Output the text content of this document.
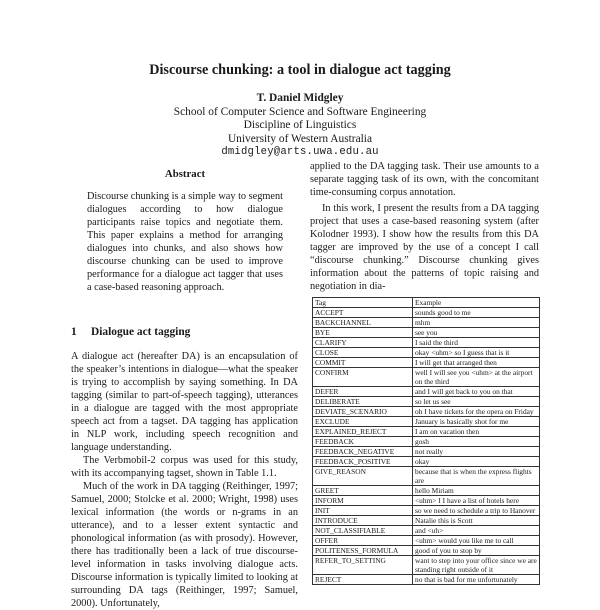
Discourse chunking: a tool in dialogue act tagging
T. Daniel Midgley
School of Computer Science and Software Engineering
Discipline of Linguistics
University of Western Australia
dmidgley@arts.uwa.edu.au

Abstract

Discourse chunking is a simple way to segment dialogues according to how dialogue participants raise topics and negotiate them. This paper explains a method for arranging dialogues into chunks, and also shows how discourse chunking can be used to improve performance for a dialogue act tagger that uses a case-based reasoning approach.

1 Dialogue act tagging

A dialogue act (hereafter DA) is an encapsulation of the speaker’s intentions in dialogue—what the speaker is trying to accomplish by saying something. In DA tagging (similar to part-of-speech tagging), utterances in a dialogue are tagged with the most appropriate speech act from a tagset. DA tagging has application in NLP work, including speech recognition and language understanding.

The Verbmobil-2 corpus was used for this study, with its accompanying tagset, shown in Table 1.1.

Much of the work in DA tagging (Reithinger, 1997; Samuel, 2000; Stolcke et al. 2000; Wright, 1998) uses lexical information (the words or n-grams in an utterance), and to a lesser extent syntactic and phonological information (as with prosody). However, there has traditionally been a lack of true discourse-level information in tasks involving dialogue acts. Discourse information is typically limited to looking at surrounding DA tags (Reithinger, 1997; Samuel, 2000). Unfortunately,

applied to the DA tagging task. Their use amounts to a separate tagging task of its own, with the concomitant time-consuming corpus annotation.

In this work, I present the results from a DA tagging project that uses a case-based reasoning system (after Kolodner 1993). I show how the results from this DA tagger are improved by the use of a concept I call “discourse chunking.” Discourse chunking gives information about the patterns of topic raising and negotiation in dia-

Tag	Example
ACCEPT	sounds good to me
BACKCHANNEL	mhm
BYE	see you
CLARIFY	I said the third
CLOSE	okay <uhm> so I guess that is it
COMMIT	I will get that arranged then
CONFIRM	well I will see you <uhm> at the airport on the third
DEFER	and I will get back to you on that
DELIBERATE	so let us see
DEVIATE_SCENARIO	oh I have tickets for the opera on Friday
EXCLUDE	January is basically shot for me
EXPLAINED_REJECT	I am on vacation then
FEEDBACK	gosh
FEEDBACK_NEGATIVE	not really
FEEDBACK_POSITIVE	okay
GIVE_REASON	because that is when the express flights are
GREET	hello Miriam
INFORM	<uhm> I I have a list of hotels here
INIT	so we need to schedule a trip to Hanover
INTRODUCE	Natalie this is Scott
NOT_CLASSIFIABLE	and <uh>
OFFER	<uhm> would you like me to call
POLITENESS_FORMULA	good of you to stop by
REFER_TO_SETTING	want to step into your office since we are standing right outside of it
REJECT	no that is bad for me unfortunately
